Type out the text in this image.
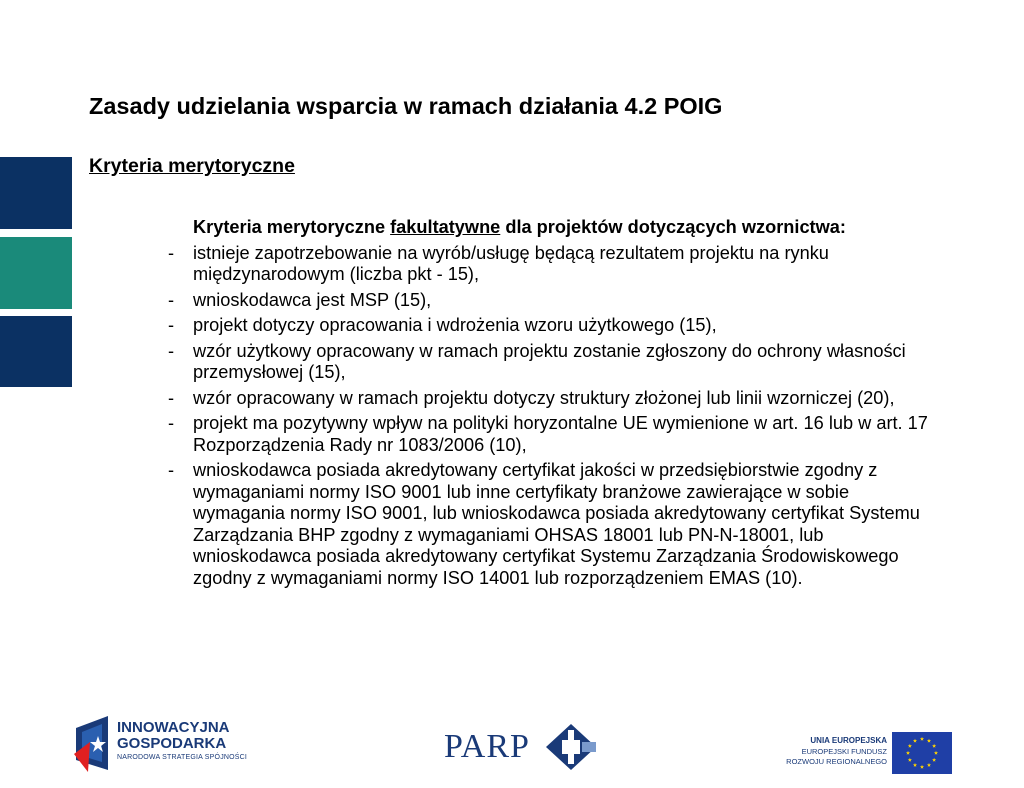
Zasady udzielania wsparcia w ramach działania 4.2 POIG
Kryteria merytoryczne

Kryteria merytoryczne fakultatywne dla projektów dotyczących wzornictwa:

- istnieje zapotrzebowanie na wyrób/usługę będącą rezultatem projektu na rynku międzynarodowym (liczba pkt - 15),
- wnioskodawca jest MSP (15),
- projekt dotyczy opracowania i wdrożenia wzoru użytkowego (15),
- wzór użytkowy opracowany w ramach projektu zostanie zgłoszony do ochrony własności przemysłowej (15),
- wzór opracowany w ramach projektu dotyczy struktury złożonej lub linii wzorniczej (20),
- projekt ma pozytywny wpływ na polityki horyzontalne UE wymienione w art. 16 lub w art. 17 Rozporządzenia Rady nr 1083/2006 (10),
- wnioskodawca posiada akredytowany certyfikat jakości w przedsiębiorstwie zgodny z wymaganiami normy ISO 9001 lub inne certyfikaty branżowe zawierające w sobie wymagania normy ISO 9001, lub wnioskodawca posiada akredytowany certyfikat Systemu Zarządzania BHP zgodny z wymaganiami OHSAS 18001 lub PN-N-18001, lub wnioskodawca posiada akredytowany certyfikat Systemu Zarządzania Środowiskowego zgodny z wymaganiami normy ISO 14001 lub rozporządzeniem EMAS (10).
INNOWACYJNA
GOSPODARKA
NARODOWA STRATEGIA SPÓJNOŚCI	PARP	UNIA EUROPEJSKA
EUROPEJSKI FUNDUSZ
ROZWOJU REGIONALNEGO
